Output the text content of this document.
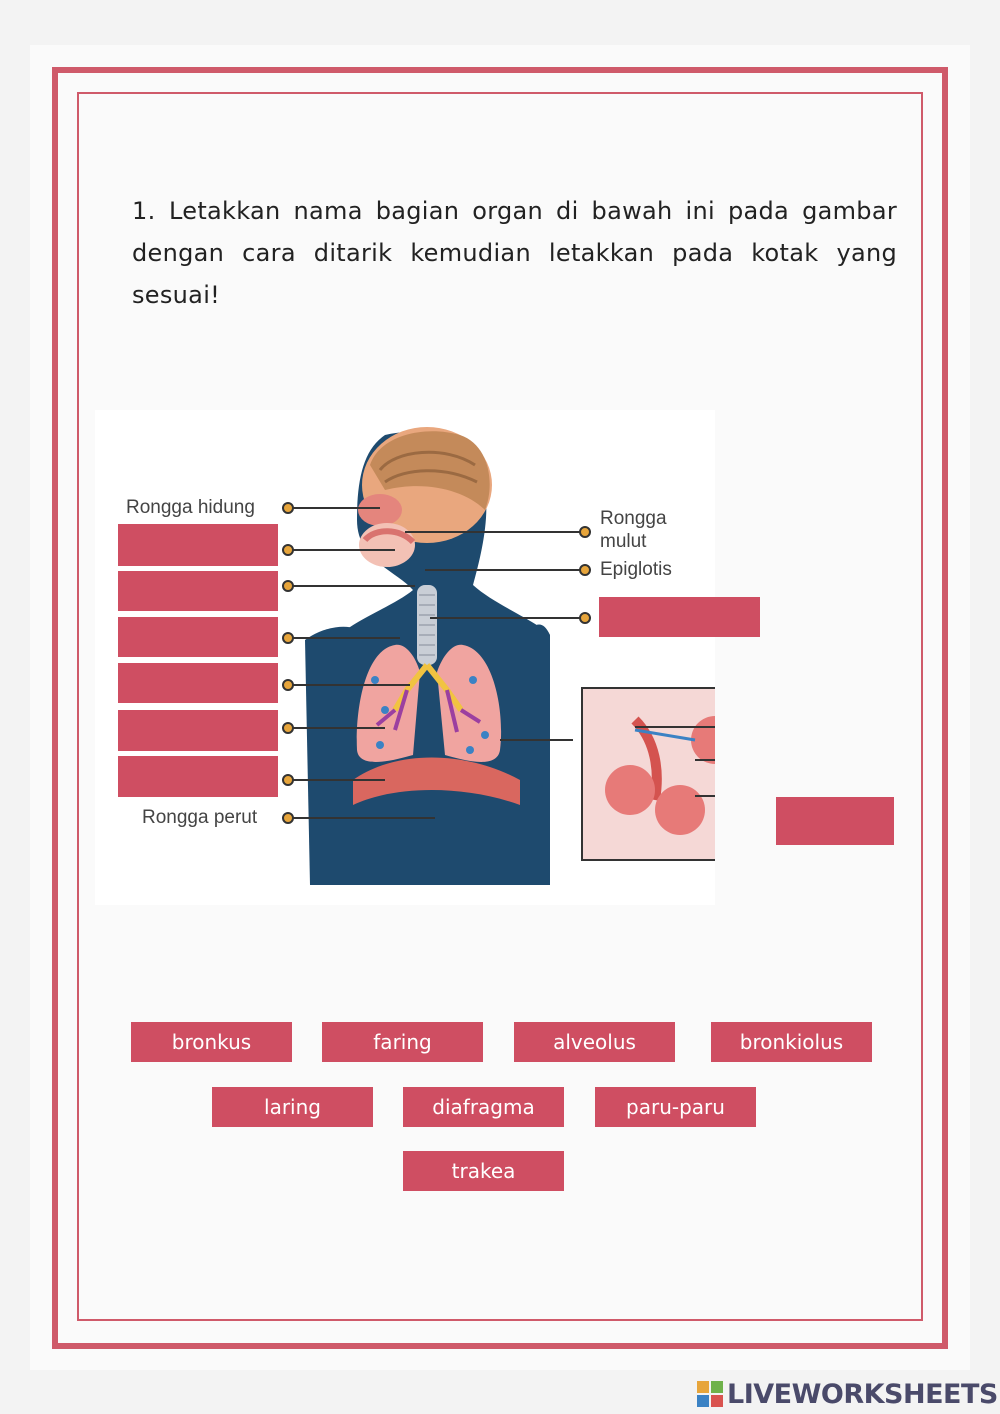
1. Letakkan nama bagian organ di bawah ini pada gambar dengan cara ditarik kemudian letakkan pada kotak yang sesuai!
Rongga hidung
Rongga
mulut
Epiglotis
Rongga perut
bronkus	faring	alveolus	bronkiolus
laring	diafragma	paru-paru
trakea
LIVEWORKSHEETS
